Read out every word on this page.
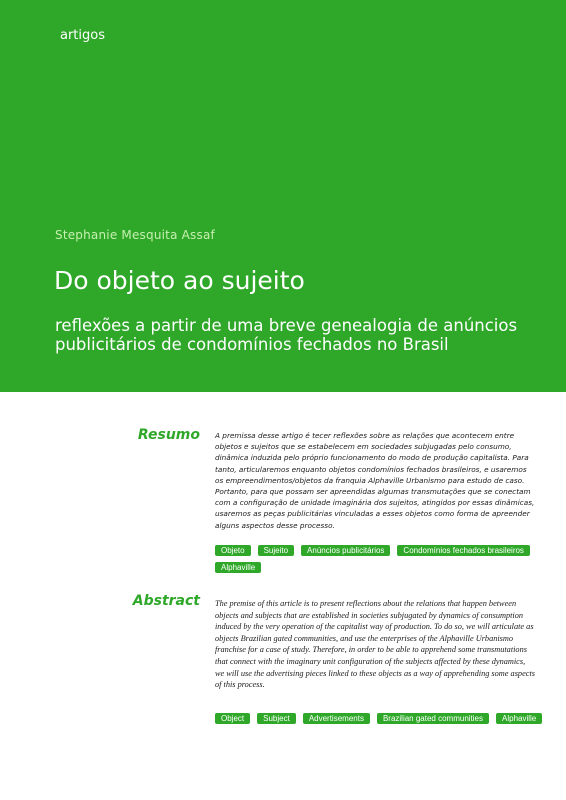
artigos
Stephanie Mesquita Assaf
Do objeto ao sujeito
reflexões a partir de uma breve genealogia de anúncios publicitários de condomínios fechados no Brasil
Resumo A premissa desse artigo é tecer reflexões sobre as relações que acontecem entre objetos e sujeitos que se estabelecem em sociedades subjugadas pelo consumo, dinâmica induzida pelo próprio funcionamento do modo de produção capitalista. Para tanto, articularemos enquanto objetos condomínios fechados brasileiros, e usaremos os empreendimentos/objetos da franquia Alphaville Urbanismo para estudo de caso. Portanto, para que possam ser apreendidas algumas transmutações que se conectam com a configuração de unidade imaginária dos sujeitos, atingidos por essas dinâmicas, usaremos as peças publicitárias vinculadas a esses objetos como forma de apreender alguns aspectos desse processo.

Objeto	Sujeito	Anúncios publicitários	Condomínios fechados brasileiros
Alphaville
Abstract The premise of this article is to present reflections about the relations that happen between objects and subjects that are established in societies subjugated by dynamics of consumption induced by the very operation of the capitalist way of production. To do so, we will articulate as objects Brazilian gated communities, and use the enterprises of the Alphaville Urbanismo franchise for a case of study. Therefore, in order to be able to apprehend some transmutations that connect with the imaginary unit configuration of the subjects affected by these dynamics, we will use the advertising pieces linked to these objects as a way of apprehending some aspects of this process.

Object	Subject	Advertisements	Brazilian gated communities	Alphaville
